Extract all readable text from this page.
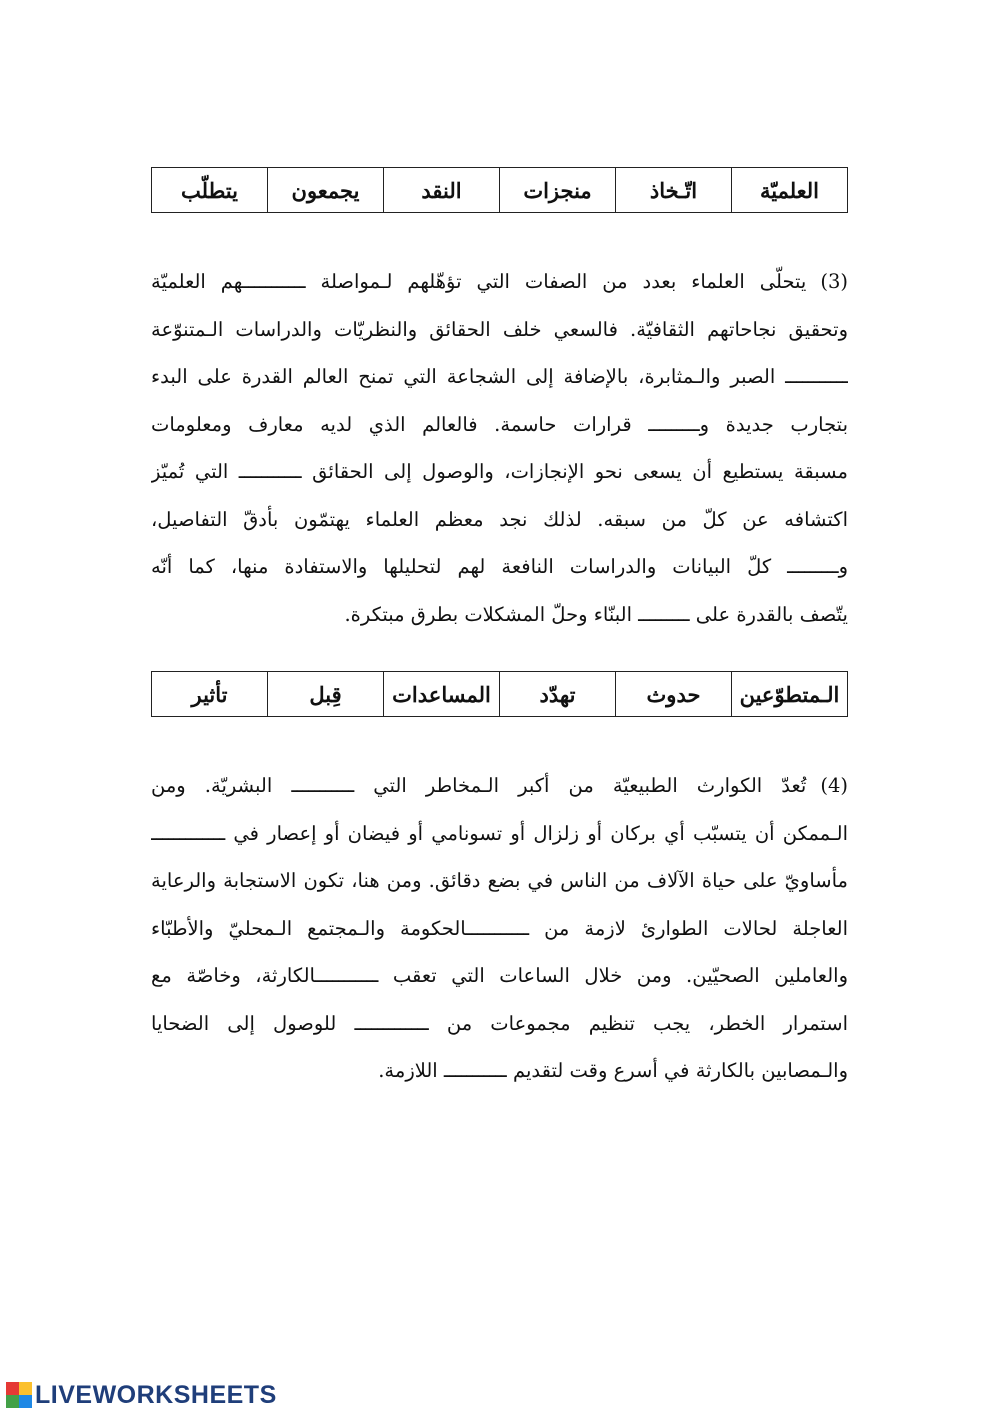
العلميّة	اتّـخاذ	منجزات	النقد	يجمعون	يتطلّب
(3)يتحلّى العلماء بعدد من الصفات التي تؤهّلهم لـمواصلة ـــــــــــهم العلميّة
وتحقيق نجاحاتهم الثقافيّة. فالسعي خلف الحقائق والنظريّات والدراسات الـمتنوّعة
ـــــــــــ الصبر والـمثابرة، بالإضافة إلى الشجاعة التي تمنح العالم القدرة على البدء
بتجارب جديدة وـــــــــ قرارات حاسمة. فالعالم الذي لديه معارف ومعلومات
مسبقة يستطيع أن يسعى نحو الإنجازات، والوصول إلى الحقائق ـــــــــــ التي تُميّز
اكتشافه عن كلّ من سبقه. لذلك نجد معظم العلماء يهتمّون بأدقّ التفاصيل،
وـــــــــ كلّ البيانات والدراسات النافعة لهم لتحليلها والاستفادة منها، كما أنّه
يتّصف بالقدرة على ـــــــــ البنّاء وحلّ المشكلات بطرق مبتكرة.
الـمتطوّعين	حدوث	تهدّد	المساعدات	قِبل	تأثير
(4)تُعدّ الكوارث الطبيعيّة من أكبر الـمخاطر التي ـــــــــــ البشريّة. ومن
الـممكن أن يتسبّب أي بركان أو زلزال أو تسونامي أو فيضان أو إعصار في ـــــــــــــ
مأساويّ على حياة الآلاف من الناس في بضع دقائق. ومن هنا، تكون الاستجابة والرعاية
العاجلة لحالات الطوارئ لازمة من ـــــــــــالحكومة والـمجتمع الـمحليّ والأطبّاء
والعاملين الصحيّين. ومن خلال الساعات التي تعقب ـــــــــــالكارثة، وخاصّة مع
استمرار الخطر، يجب تنظيم مجموعات من ـــــــــــــ للوصول إلى الضحايا
والـمصابين بالكارثة في أسرع وقت لتقديم ـــــــــــ اللازمة.
LIVEWORKSHEETS
